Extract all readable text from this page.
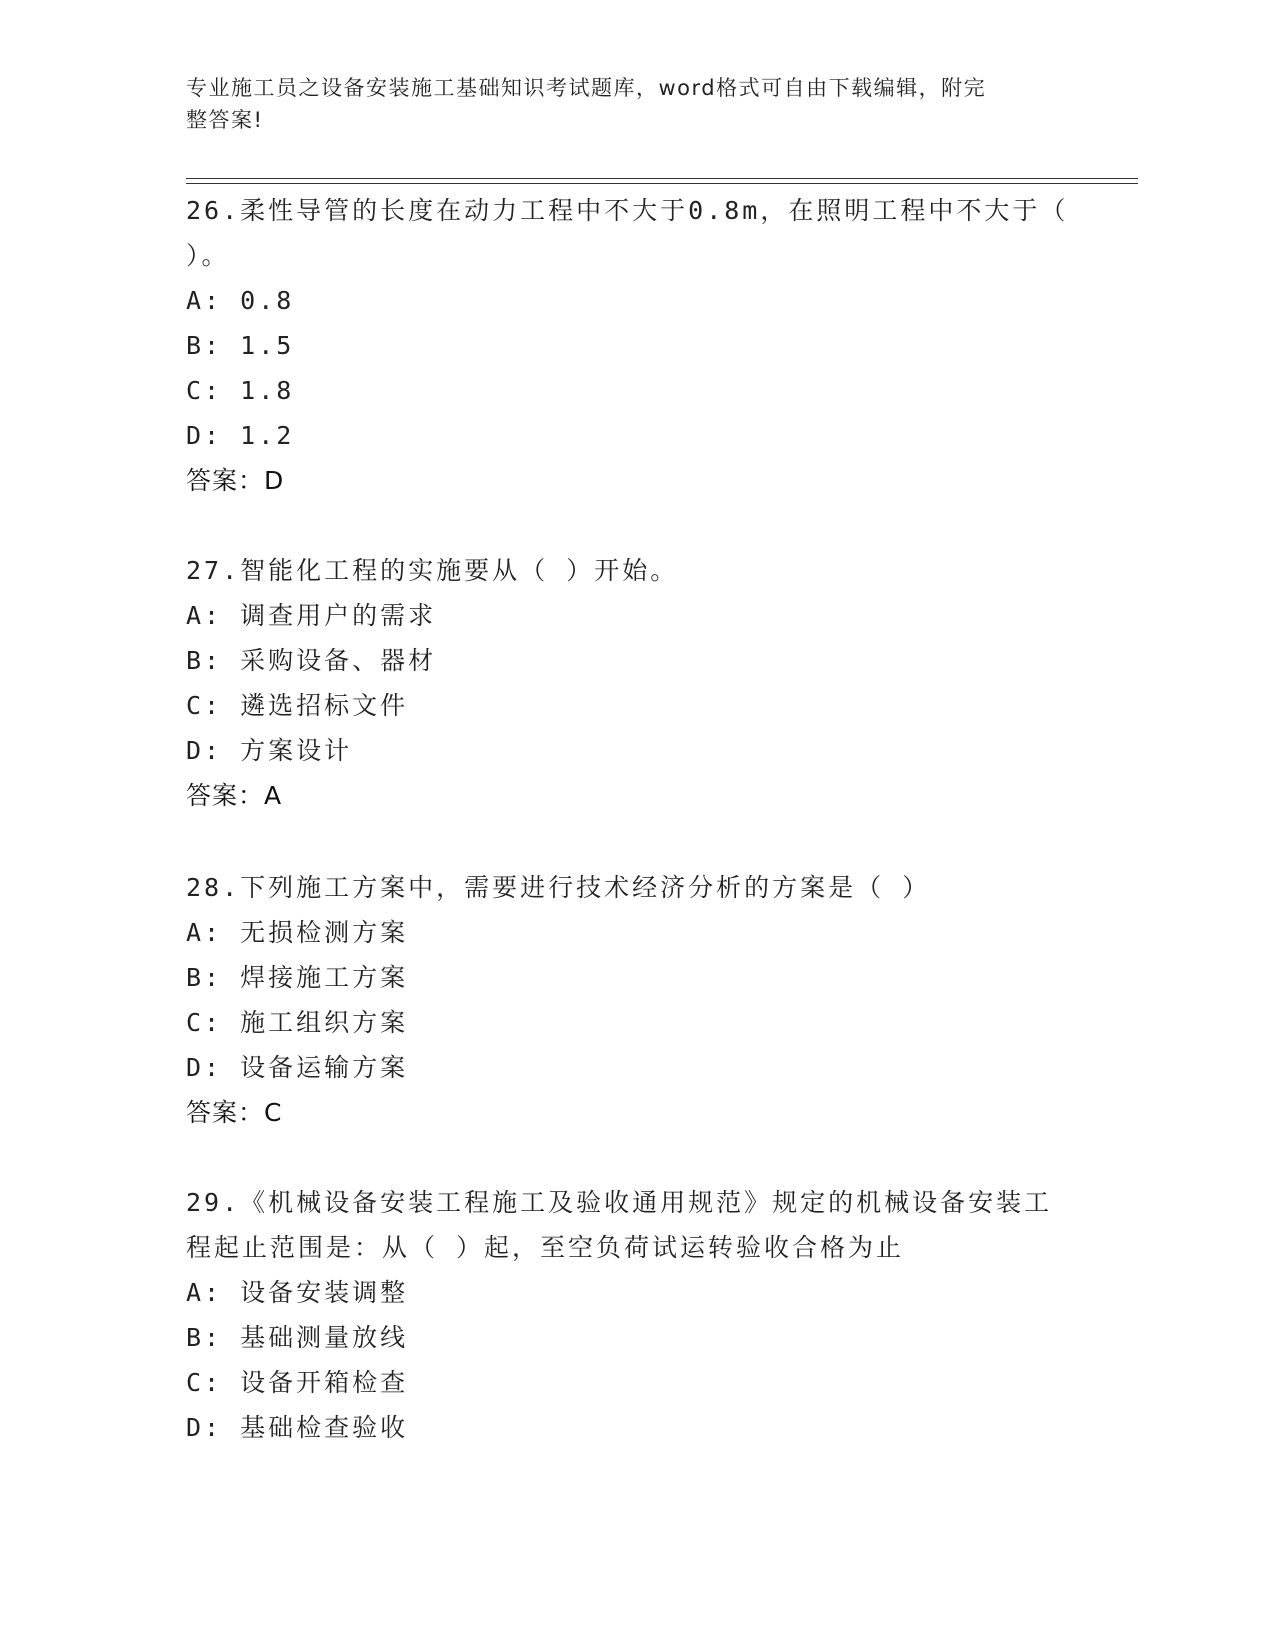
专业施工员之设备安装施工基础知识考试题库，word格式可自由下载编辑，附完
整答案!
26.柔性导管的长度在动力工程中不大于0.8m，在照明工程中不大于（
）。
A: 0.8
B: 1.5
C: 1.8
D: 1.2
答案：D
27.智能化工程的实施要从（ ）开始。
A: 调查用户的需求
B: 采购设备、器材
C: 遴选招标文件
D: 方案设计
答案：A
28.下列施工方案中，需要进行技术经济分析的方案是（ ）
A: 无损检测方案
B: 焊接施工方案
C: 施工组织方案
D: 设备运输方案
答案：C
29.《机械设备安装工程施工及验收通用规范》规定的机械设备安装工
程起止范围是：从（ ）起，至空负荷试运转验收合格为止
A: 设备安装调整
B: 基础测量放线
C: 设备开箱检查
D: 基础检查验收
